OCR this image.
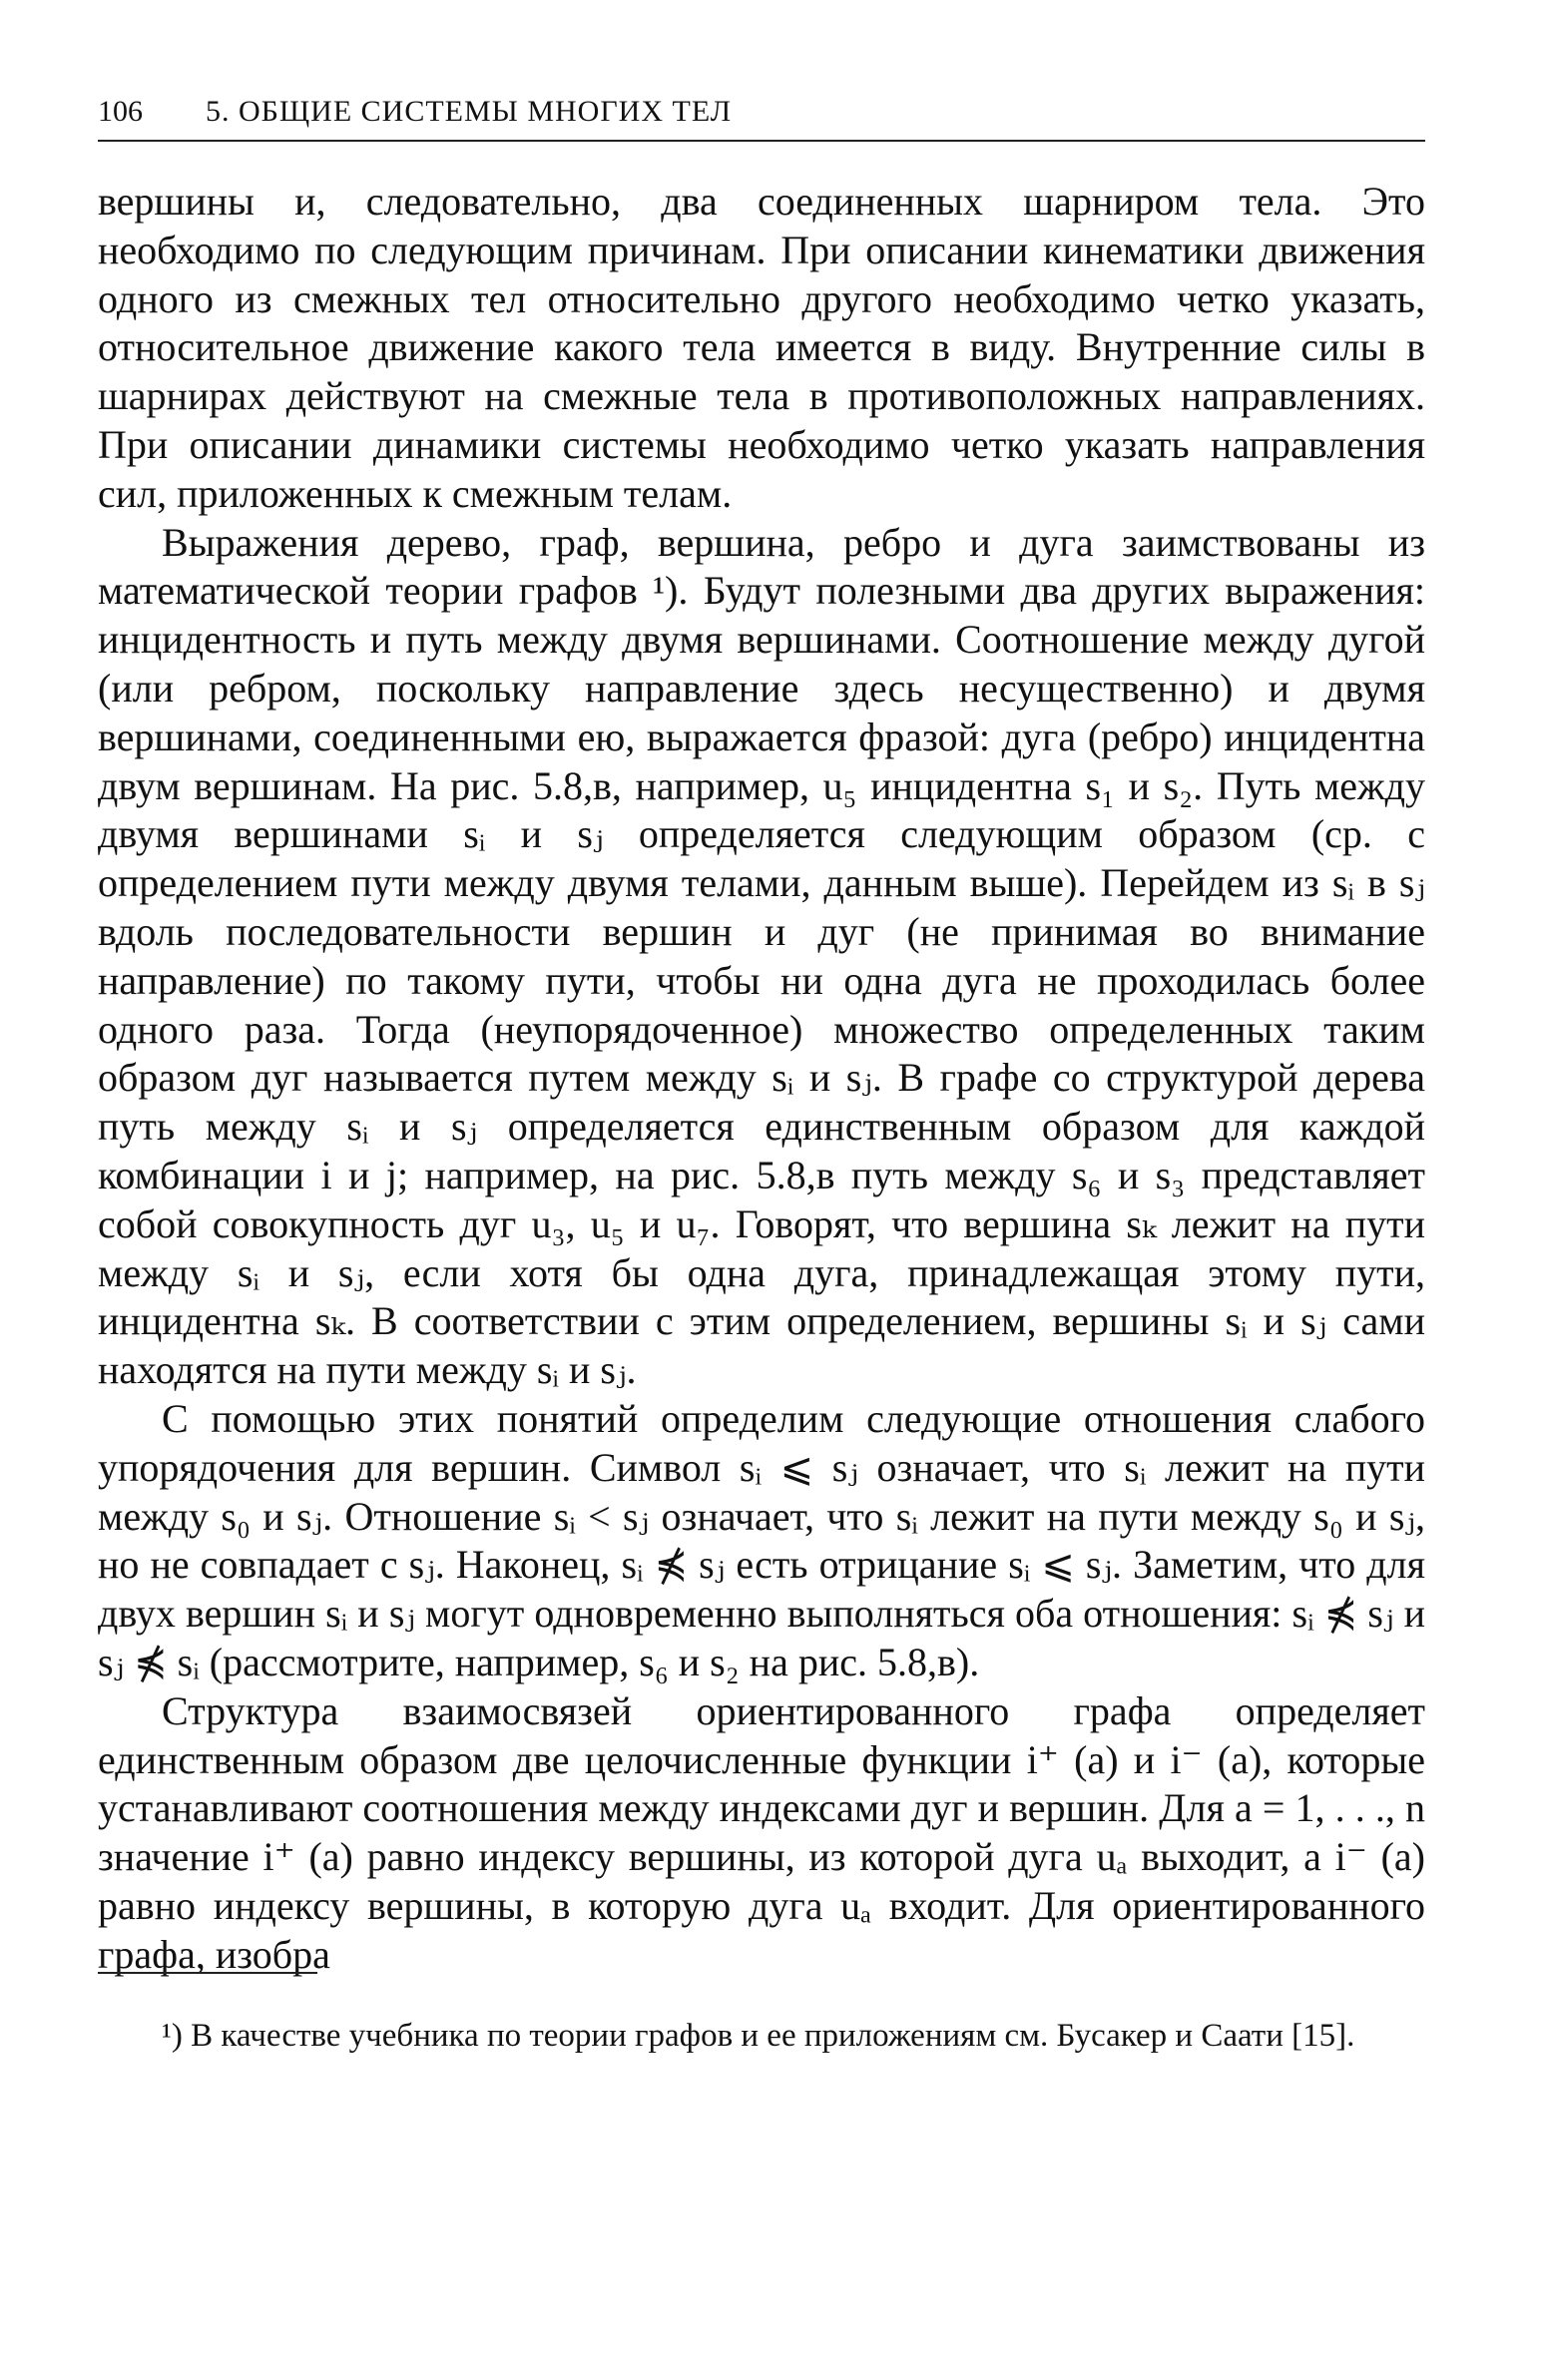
106 5. ОБЩИЕ СИСТЕМЫ МНОГИХ ТЕЛ

вершины и, следовательно, два соединенных шарниром тела. Это необходимо по следующим причинам. При описании кинематики движения одного из смежных тел относительно другого необходимо четко указать, относительное движение какого тела имеется в виду. Внутренние силы в шарнирах действуют на смежные тела в противоположных направлениях. При описании динамики системы необходимо четко указать направления сил, приложенных к смежным телам.

Выражения дерево, граф, вершина, ребро и дуга заимствованы из математической теории графов ¹). Будут полезными два других выражения: инцидентность и путь между двумя вершинами. Соотношение между дугой (или ребром, поскольку направление здесь несущественно) и двумя вершинами, соединенными ею, выражается фразой: дуга (ребро) инцидентна двум вершинам. На рис. 5.8,в, например, u₅ инцидентна s₁ и s₂. Путь между двумя вершинами sᵢ и sⱼ определяется следующим образом (ср. с определением пути между двумя телами, данным выше). Перейдем из sᵢ в sⱼ вдоль последовательности вершин и дуг (не принимая во внимание направление) по такому пути, чтобы ни одна дуга не проходилась более одного раза. Тогда (неупорядоченное) множество определенных таким образом дуг называется путем между sᵢ и sⱼ. В графе со структурой дерева путь между sᵢ и sⱼ определяется единственным образом для каждой комбинации i и j; например, на рис. 5.8,в путь между s₆ и s₃ представляет собой совокупность дуг u₃, u₅ и u₇. Говорят, что вершина sₖ лежит на пути между sᵢ и sⱼ, если хотя бы одна дуга, принадлежащая этому пути, инцидентна sₖ. В соответствии с этим определением, вершины sᵢ и sⱼ сами находятся на пути между sᵢ и sⱼ.

С помощью этих понятий определим следующие отношения слабого упорядочения для вершин. Символ sᵢ ⩽ sⱼ означает, что sᵢ лежит на пути между s₀ и sⱼ. Отношение sᵢ < sⱼ означает, что sᵢ лежит на пути между s₀ и sⱼ, но не совпадает с sⱼ. Наконец, sᵢ ⋠ sⱼ есть отрицание sᵢ ⩽ sⱼ. Заметим, что для двух вершин sᵢ и sⱼ могут одновременно выполняться оба отношения: sᵢ ⋠ sⱼ и sⱼ ⋠ sᵢ (рассмотрите, например, s₆ и s₂ на рис. 5.8,в).

Структура взаимосвязей ориентированного графа определяет единственным образом две целочисленные функции i⁺ (a) и i⁻ (a), которые устанавливают соотношения между индексами дуг и вершин. Для a = 1, . . ., n значение i⁺ (a) равно индексу вершины, из которой дуга uₐ выходит, а i⁻ (a) равно индексу вершины, в которую дуга uₐ входит. Для ориентированного графа, изобра

¹) В качестве учебника по теории графов и ее приложениям см. Бусакер и Саати [15].
